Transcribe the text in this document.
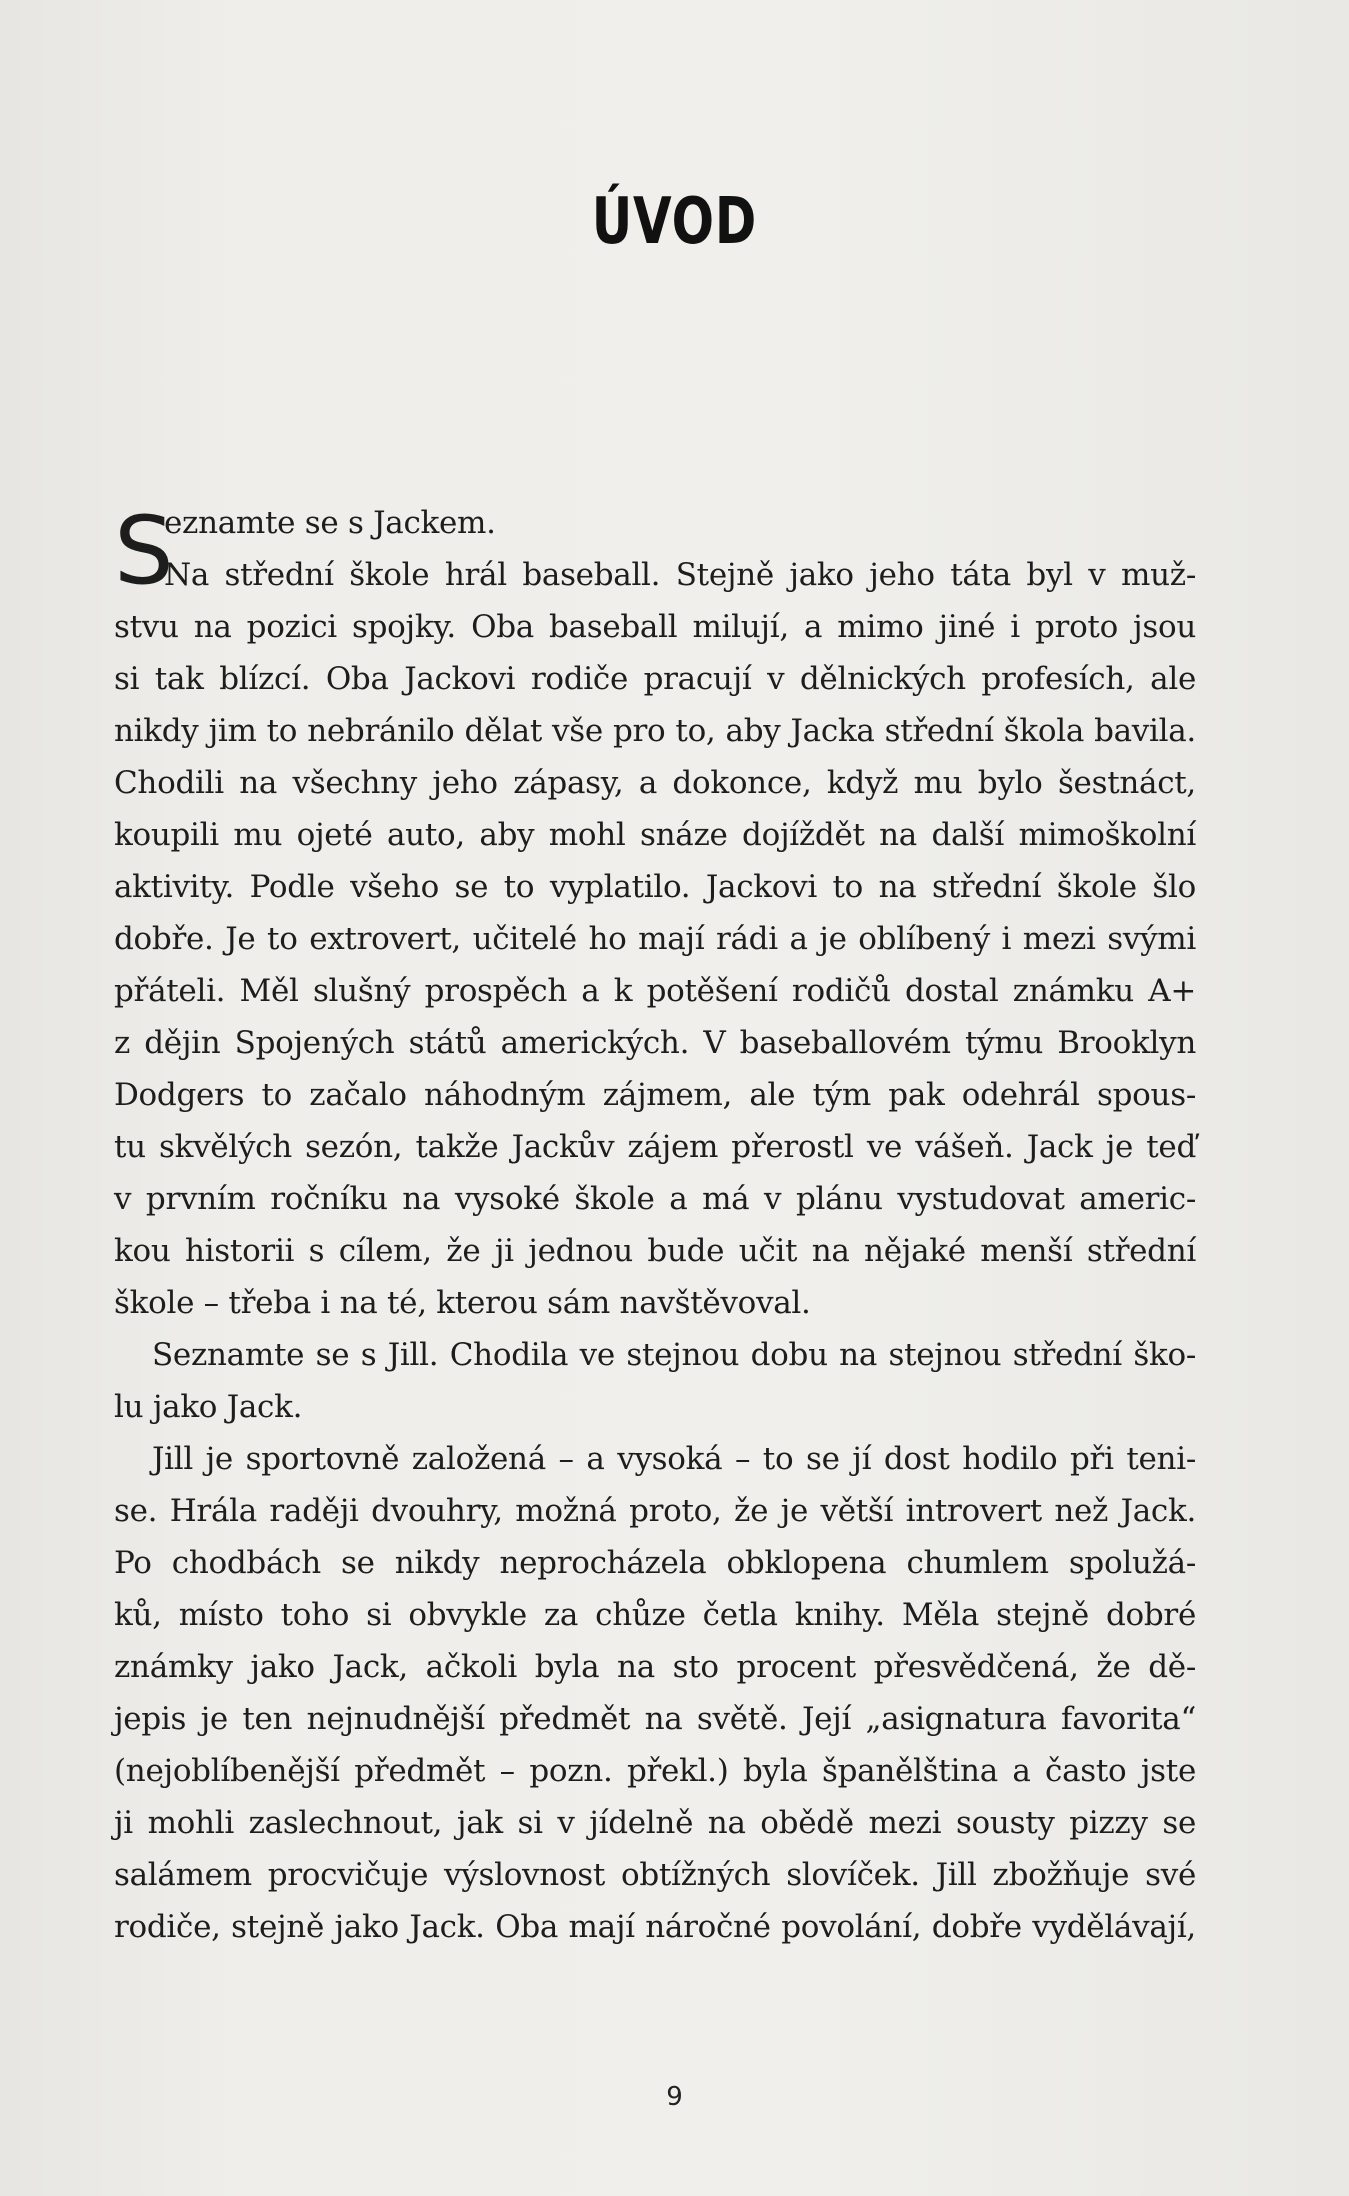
ÚVOD
S
eznamte se s Jackem.
Na střední škole hrál baseball. Stejně jako jeho táta byl v muž-
stvu na pozici spojky. Oba baseball milují, a mimo jiné i proto jsou
si tak blízcí. Oba Jackovi rodiče pracují v dělnických profesích, ale
nikdy jim to nebránilo dělat vše pro to, aby Jacka střední škola bavila.
Chodili na všechny jeho zápasy, a dokonce, když mu bylo šestnáct,
koupili mu ojeté auto, aby mohl snáze dojíždět na další mimoškolní
aktivity. Podle všeho se to vyplatilo. Jackovi to na střední škole šlo
dobře. Je to extrovert, učitelé ho mají rádi a je oblíbený i mezi svými
přáteli. Měl slušný prospěch a k potěšení rodičů dostal známku A+
z dějin Spojených států amerických. V baseballovém týmu Brooklyn
Dodgers to začalo náhodným zájmem, ale tým pak odehrál spous-
tu skvělých sezón, takže Jackův zájem přerostl ve vášeň. Jack je teď
v prvním ročníku na vysoké škole a má v plánu vystudovat americ-
kou historii s cílem, že ji jednou bude učit na nějaké menší střední
škole – třeba i na té, kterou sám navštěvoval.
Seznamte se s Jill. Chodila ve stejnou dobu na stejnou střední ško-
lu jako Jack.
Jill je sportovně založená – a vysoká – to se jí dost hodilo při teni-
se. Hrála raději dvouhry, možná proto, že je větší introvert než Jack.
Po chodbách se nikdy neprocházela obklopena chumlem spolužá-
ků, místo toho si obvykle za chůze četla knihy. Měla stejně dobré
známky jako Jack, ačkoli byla na sto procent přesvědčená, že dě-
jepis je ten nejnudnější předmět na světě. Její „asignatura favorita“
(nejoblíbenější předmět – pozn. překl.) byla španělština a často jste
ji mohli zaslechnout, jak si v jídelně na obědě mezi sousty pizzy se
salámem procvičuje výslovnost obtížných slovíček. Jill zbožňuje své
rodiče, stejně jako Jack. Oba mají náročné povolání, dobře vydělávají,
9
